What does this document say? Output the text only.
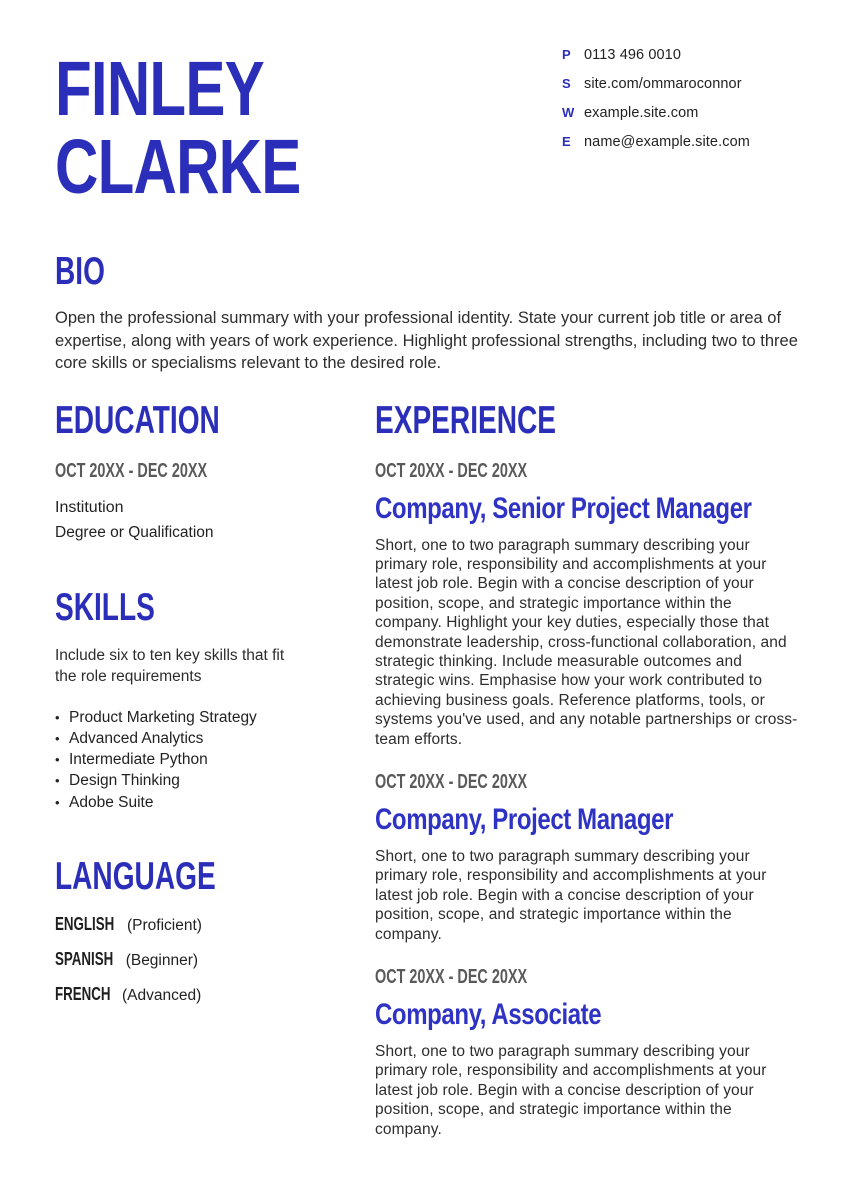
FINLEY
CLARKE
P 0113 496 0010
S site.com/ommaroconnor
W example.site.com
E name@example.site.com
BIO

Open the professional summary with your professional identity. State your current job title or area of expertise, along with years of work experience. Highlight professional strengths, including two to three core skills or specialisms relevant to the desired role.

EDUCATION
OCT 20XX - DEC 20XX
Institution
Degree or Qualification
SKILLS

Include six to ten key skills that fit the role requirements

• Product Marketing Strategy
• Advanced Analytics
• Intermediate Python
• Design Thinking
• Adobe Suite
LANGUAGE
ENGLISH (Proficient)
SPANISH (Beginner)
FRENCH (Advanced)
EXPERIENCE
OCT 20XX - DEC 20XX
Company, Senior Project Manager

Short, one to two paragraph summary describing your primary role, responsibility and accomplishments at your latest job role. Begin with a concise description of your position, scope, and strategic importance within the company. Highlight your key duties, especially those that demonstrate leadership, cross-functional collaboration, and strategic thinking. Include measurable outcomes and strategic wins. Emphasise how your work contributed to achieving business goals. Reference platforms, tools, or systems you've used, and any notable partnerships or cross-team efforts.

OCT 20XX - DEC 20XX
Company, Project Manager

Short, one to two paragraph summary describing your primary role, responsibility and accomplishments at your latest job role. Begin with a concise description of your position, scope, and strategic importance within the company.

OCT 20XX - DEC 20XX
Company, Associate

Short, one to two paragraph summary describing your primary role, responsibility and accomplishments at your latest job role. Begin with a concise description of your position, scope, and strategic importance within the company.
